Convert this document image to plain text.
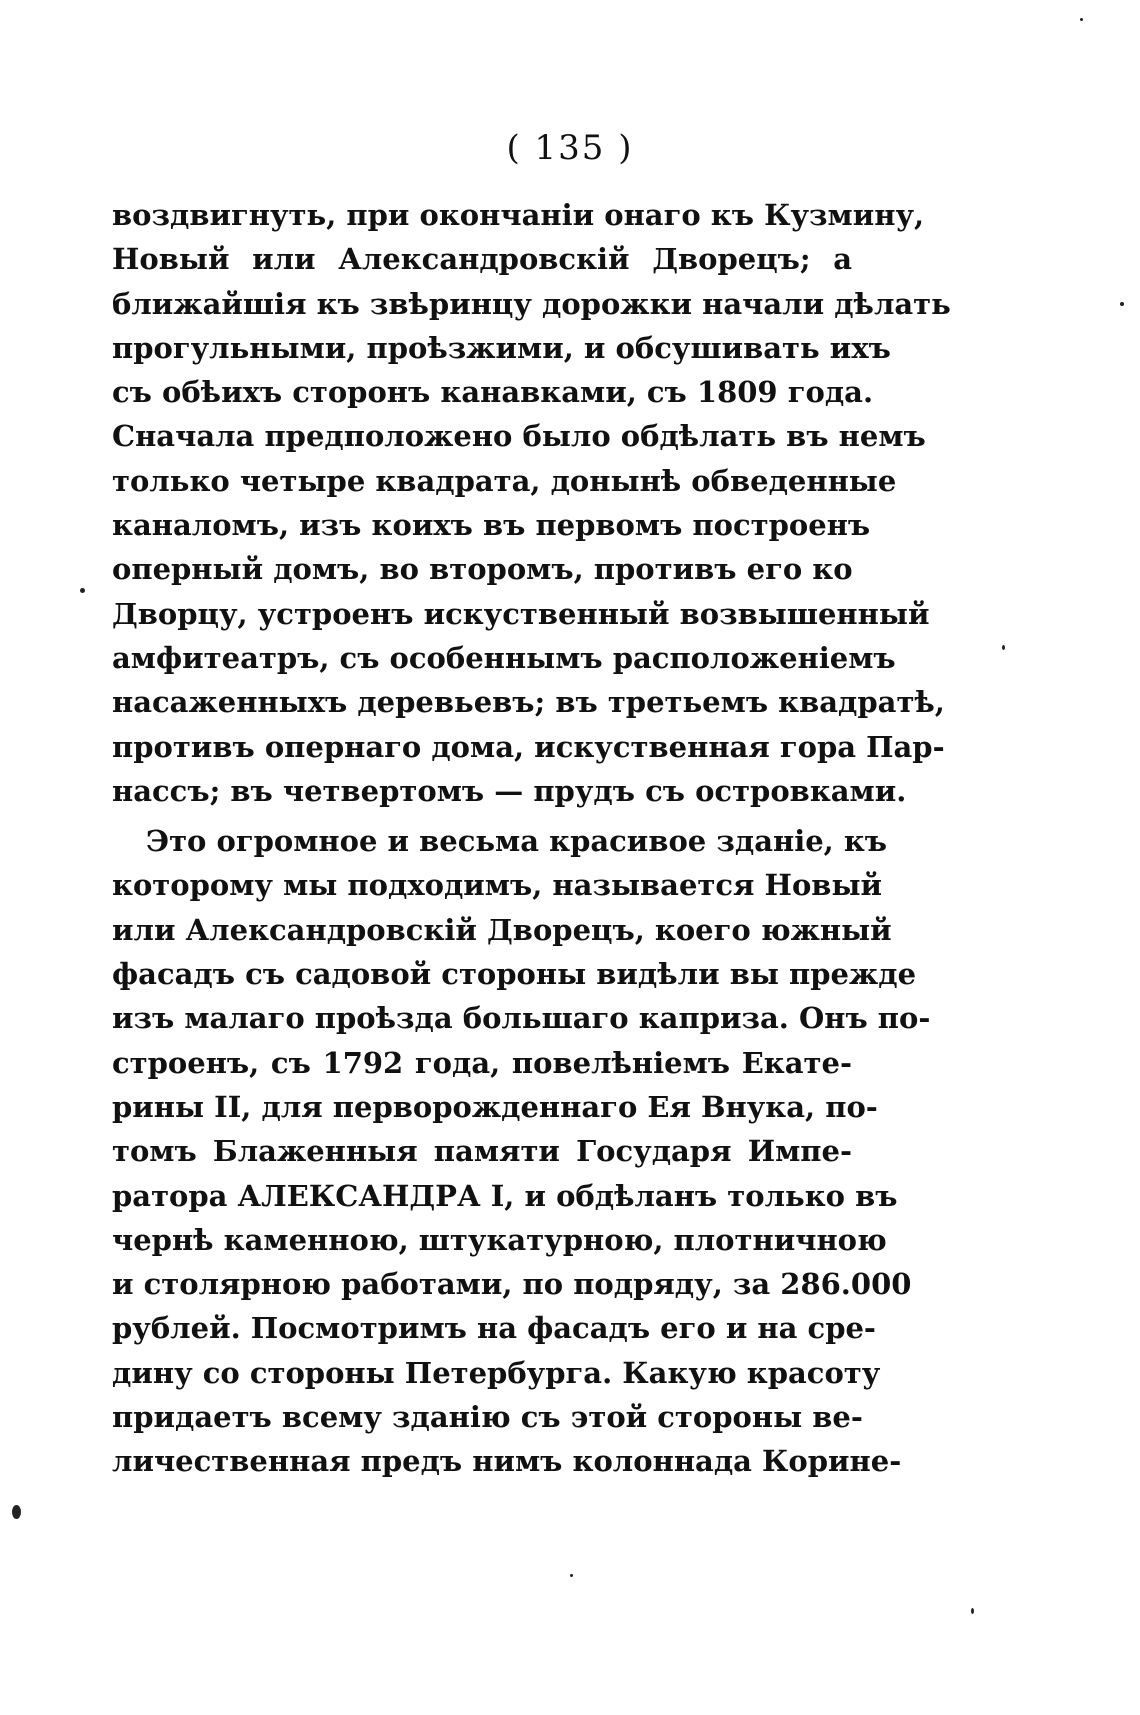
( 135 )
воздвигнуть, при окончаніи онаго къ Кузмину,
Новый или Александровскій Дворецъ; а
ближайшія къ звѣринцу дорожки начали дѣлать
прогульными, проѣзжими, и обсушивать ихъ
съ обѣихъ сторонъ канавками, съ 1809 года.
Сначала предположено было обдѣлать въ немъ
только четыре квадрата, донынѣ обведенные
каналомъ, изъ коихъ въ первомъ построенъ
оперный домъ, во второмъ, противъ его ко
Дворцу, устроенъ искуственный возвышенный
амфитеатръ, съ особеннымъ расположеніемъ
насаженныхъ деревьевъ; въ третьемъ квадратѣ,
противъ опернаго дома, искуственная гора Пар-
нассъ; въ четвертомъ — прудъ съ островками.
Это огромное и весьма красивое зданіе, къ
которому мы подходимъ, называется Новый
или Александровскій Дворецъ, коего южный
фасадъ съ садовой стороны видѣли вы прежде
изъ малаго проѣзда большаго каприза. Онъ по-
строенъ, съ 1792 года, повелѣніемъ Екате-
рины II, для перворожденнаго Ея Внука, по-
томъ Блаженныя памяти Государя Импе-
ратора АЛЕКСАНДРА I, и обдѣланъ только въ
чернѣ каменною, штукатурною, плотничною
и столярною работами, по подряду, за 286.000
рублей. Посмотримъ на фасадъ его и на сре-
дину со стороны Петербурга. Какую красоту
придаетъ всему зданію съ этой стороны ве-
личественная предъ нимъ колоннада Корине-
